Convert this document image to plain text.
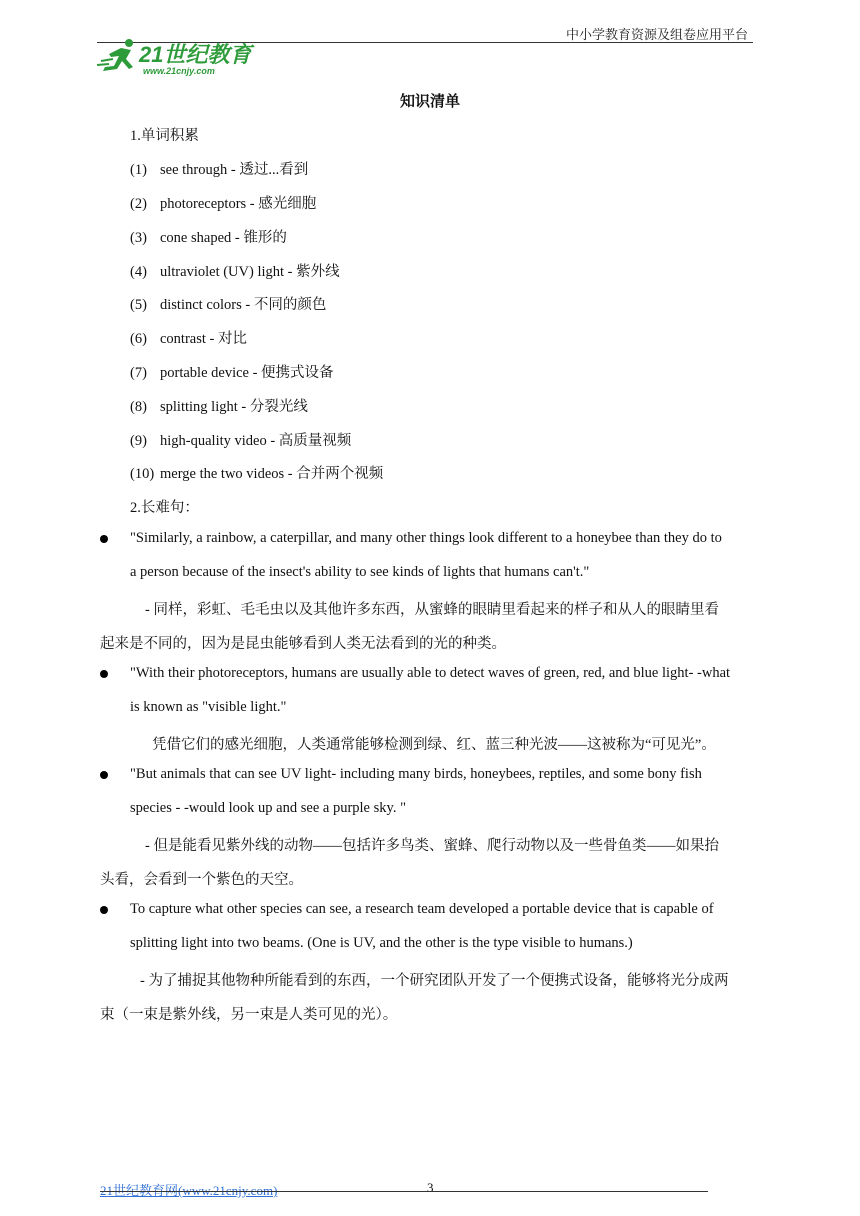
中小学教育资源及组卷应用平台
21世纪教育
www.21cnjy.com
知识清单
1.单词积累
(1) see through - 透过...看到
(2) photoreceptors - 感光细胞
(3) cone shaped - 锥形的
(4) ultraviolet (UV) light - 紫外线
(5) distinct colors - 不同的颜色
(6) contrast - 对比
(7) portable device - 便携式设备
(8) splitting light - 分裂光线
(9) high-quality video - 高质量视频
(10) merge the two videos - 合并两个视频
2.长难句：
"Similarly, a rainbow, a caterpillar, and many other things look different to a honeybee than they do to
a person because of the insect's ability to see kinds of lights that humans can't."
- 同样，彩虹、毛毛虫以及其他许多东西，从蜜蜂的眼睛里看起来的样子和从人的眼睛里看
起来是不同的，因为是昆虫能够看到人类无法看到的光的种类。
"With their photoreceptors, humans are usually able to detect waves of green, red, and blue light- -what
is known as "visible light."
凭借它们的感光细胞，人类通常能够检测到绿、红、蓝三种光波——这被称为“可见光”。
"But animals that can see UV light- including many birds, honeybees, reptiles, and some bony fish
species - -would look up and see a purple sky. "
- 但是能看见紫外线的动物——包括许多鸟类、蜜蜂、爬行动物以及一些骨鱼类——如果抬
头看，会看到一个紫色的天空。
To capture what other species can see, a research team developed a portable device that is capable of
splitting light into two beams. (One is UV, and the other is the type visible to humans.)
- 为了捕捉其他物种所能看到的东西，一个研究团队开发了一个便携式设备，能够将光分成两
束（一束是紫外线，另一束是人类可见的光）。
21世纪教育网(www.21cnjy.com)	3
